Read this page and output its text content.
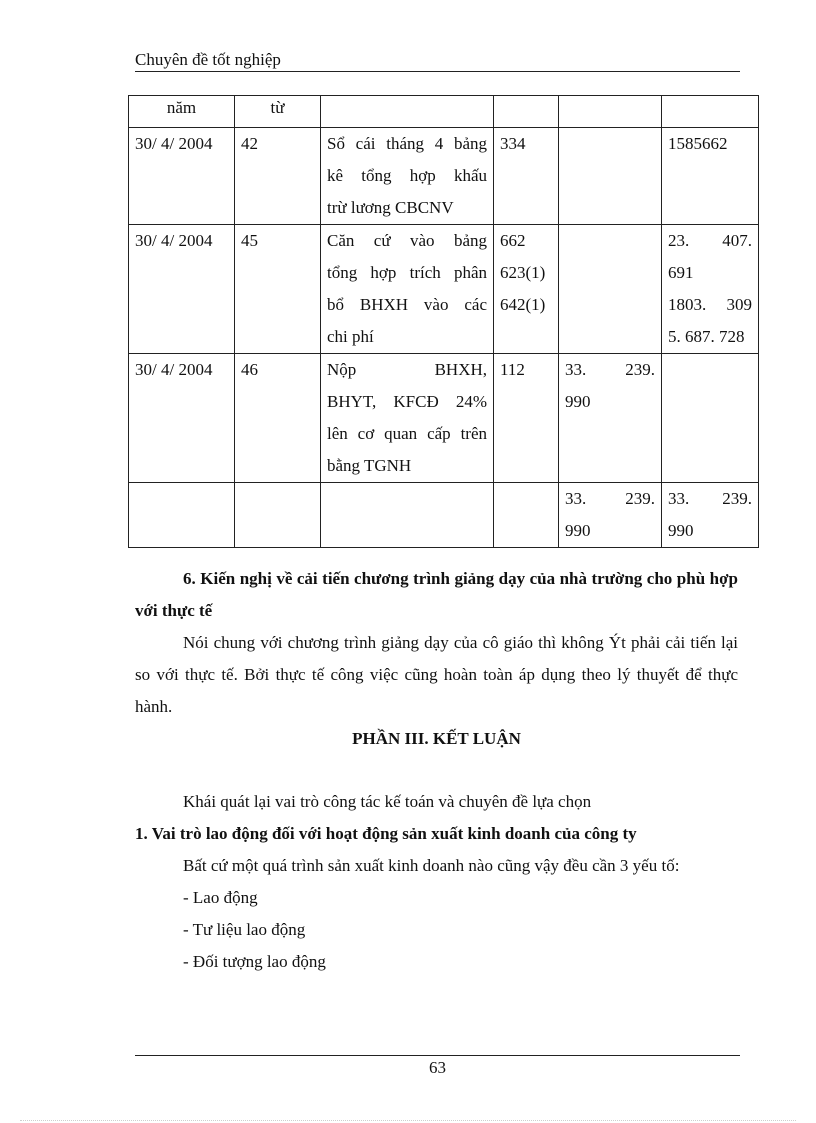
Chuyên đề tốt nghiệp
năm	từ				
30/ 4/ 2004	42	Sổ cái tháng 4 bảng
kê tổng hợp khấu
trừ lương CBCNV	334		1585662

30/ 4/ 2004	45	Căn cứ vào bảng
tổng hợp trích phân
bổ BHXH vào các
chi phí	662
623(1)
642(1)		23. 407.
691
1803. 309
5. 687. 728

30/ 4/ 2004	46	Nộp BHXH,
BHYT, KFCĐ 24%
lên cơ quan cấp trên
bằng TGNH	112	33. 239.
990	

				33. 239.
990	33. 239.
990
6. Kiến nghị về cải tiến chương trình giảng dạy của nhà trường cho phù hợp với thực tế
Nói chung với chương trình giảng dạy của cô giáo thì không Ýt phải cải tiến lại so với thực tế. Bởi thực tế công việc cũng hoàn toàn áp dụng theo lý thuyết để thực hành.
PHẦN III. KẾT LUẬN
Khái quát lại vai trò công tác kế toán và chuyên đề lựa chọn
1. Vai trò lao động đối với hoạt động sản xuất kinh doanh của công ty
Bất cứ một quá trình sản xuất kinh doanh nào cũng vậy đều cần 3 yếu tố:
- Lao động
- Tư liệu lao động
- Đối tượng lao động
63
